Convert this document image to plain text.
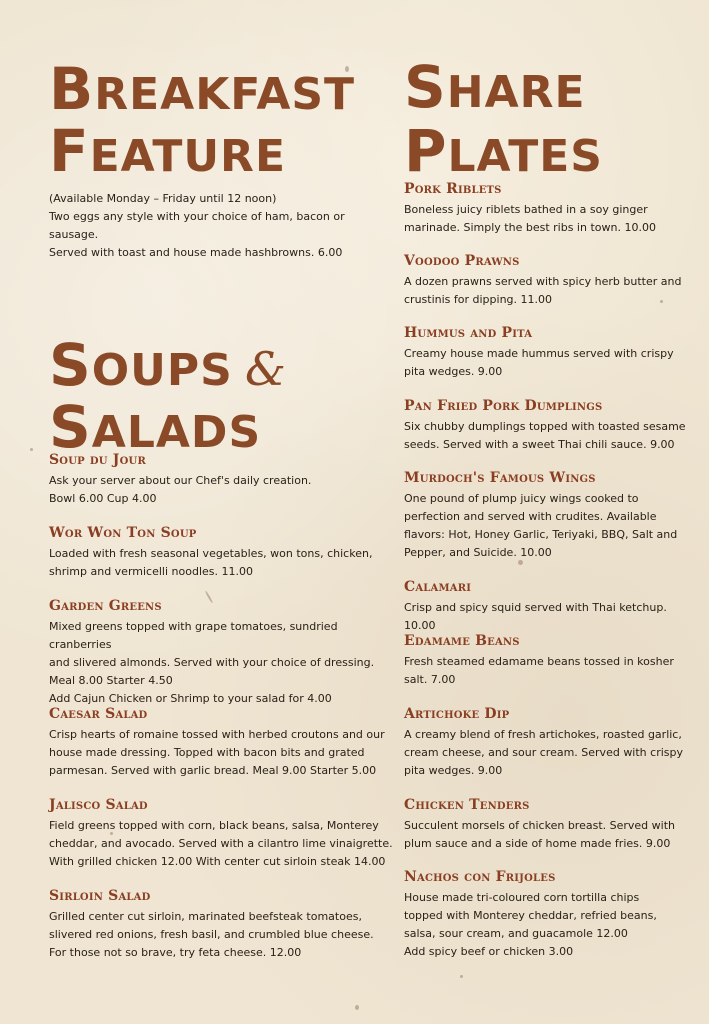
BREAKFAST
FEATURE

(Available Monday – Friday until 12 noon)

Two eggs any style with your choice of ham, bacon or sausage.
Served with toast and house made hashbrowns. 6.00

SOUPS &
SALADS

Soup du Jour

Ask your server about our Chef's daily creation.
Bowl 6.00 Cup 4.00

Wor Won Ton Soup

Loaded with fresh seasonal vegetables, won tons, chicken,
shrimp and vermicelli noodles. 11.00

Garden Greens

Mixed greens topped with grape tomatoes, sundried cranberries
and slivered almonds. Served with your choice of dressing.
Meal 8.00 Starter 4.50
Add Cajun Chicken or Shrimp to your salad for 4.00

Caesar Salad

Crisp hearts of romaine tossed with herbed croutons and our
house made dressing. Topped with bacon bits and grated
parmesan. Served with garlic bread. Meal 9.00 Starter 5.00

Jalisco Salad

Field greens topped with corn, black beans, salsa, Monterey
cheddar, and avocado. Served with a cilantro lime vinaigrette.
With grilled chicken 12.00 With center cut sirloin steak 14.00

Sirloin Salad

Grilled center cut sirloin, marinated beefsteak tomatoes,
slivered red onions, fresh basil, and crumbled blue cheese.
For those not so brave, try feta cheese. 12.00

SHARE
PLATES

Pork Riblets

Boneless juicy riblets bathed in a soy ginger
marinade. Simply the best ribs in town. 10.00

Voodoo Prawns

A dozen prawns served with spicy herb butter and
crustinis for dipping. 11.00

Hummus and Pita

Creamy house made hummus served with crispy
pita wedges. 9.00

Pan Fried Pork Dumplings

Six chubby dumplings topped with toasted sesame
seeds. Served with a sweet Thai chili sauce. 9.00

Murdoch's Famous Wings

One pound of plump juicy wings cooked to
perfection and served with crudites. Available
flavors: Hot, Honey Garlic, Teriyaki, BBQ, Salt and
Pepper, and Suicide. 10.00

Calamari

Crisp and spicy squid served with Thai ketchup. 10.00

Edamame Beans

Fresh steamed edamame beans tossed in kosher
salt. 7.00

Artichoke Dip

A creamy blend of fresh artichokes, roasted garlic,
cream cheese, and sour cream. Served with crispy
pita wedges. 9.00

Chicken Tenders

Succulent morsels of chicken breast. Served with
plum sauce and a side of home made fries. 9.00

Nachos con Frijoles

House made tri-coloured corn tortilla chips
topped with Monterey cheddar, refried beans,
salsa, sour cream, and guacamole 12.00
Add spicy beef or chicken 3.00
